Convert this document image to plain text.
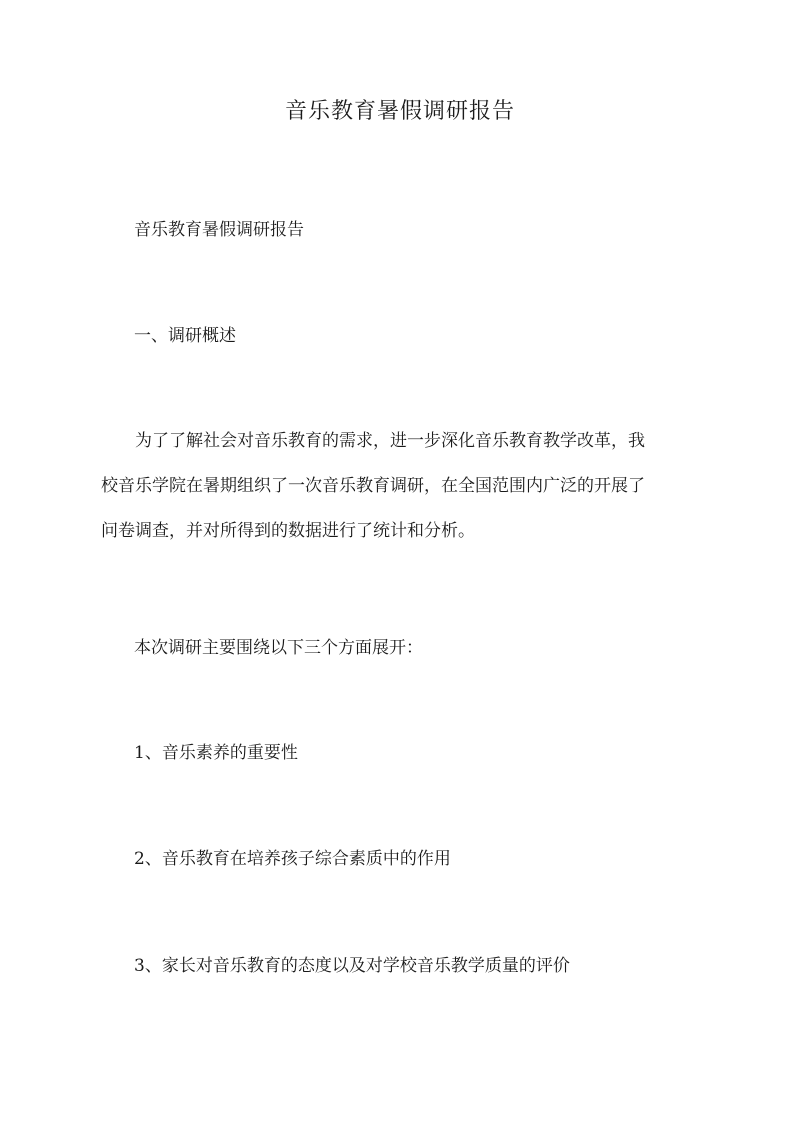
音乐教育暑假调研报告
音乐教育暑假调研报告
一、调研概述
为了了解社会对音乐教育的需求，进一步深化音乐教育教学改革，我
校音乐学院在暑期组织了一次音乐教育调研，在全国范围内广泛的开展了
问卷调查，并对所得到的数据进行了统计和分析。
本次调研主要围绕以下三个方面展开：
1、音乐素养的重要性
2、音乐教育在培养孩子综合素质中的作用
3、家长对音乐教育的态度以及对学校音乐教学质量的评价
